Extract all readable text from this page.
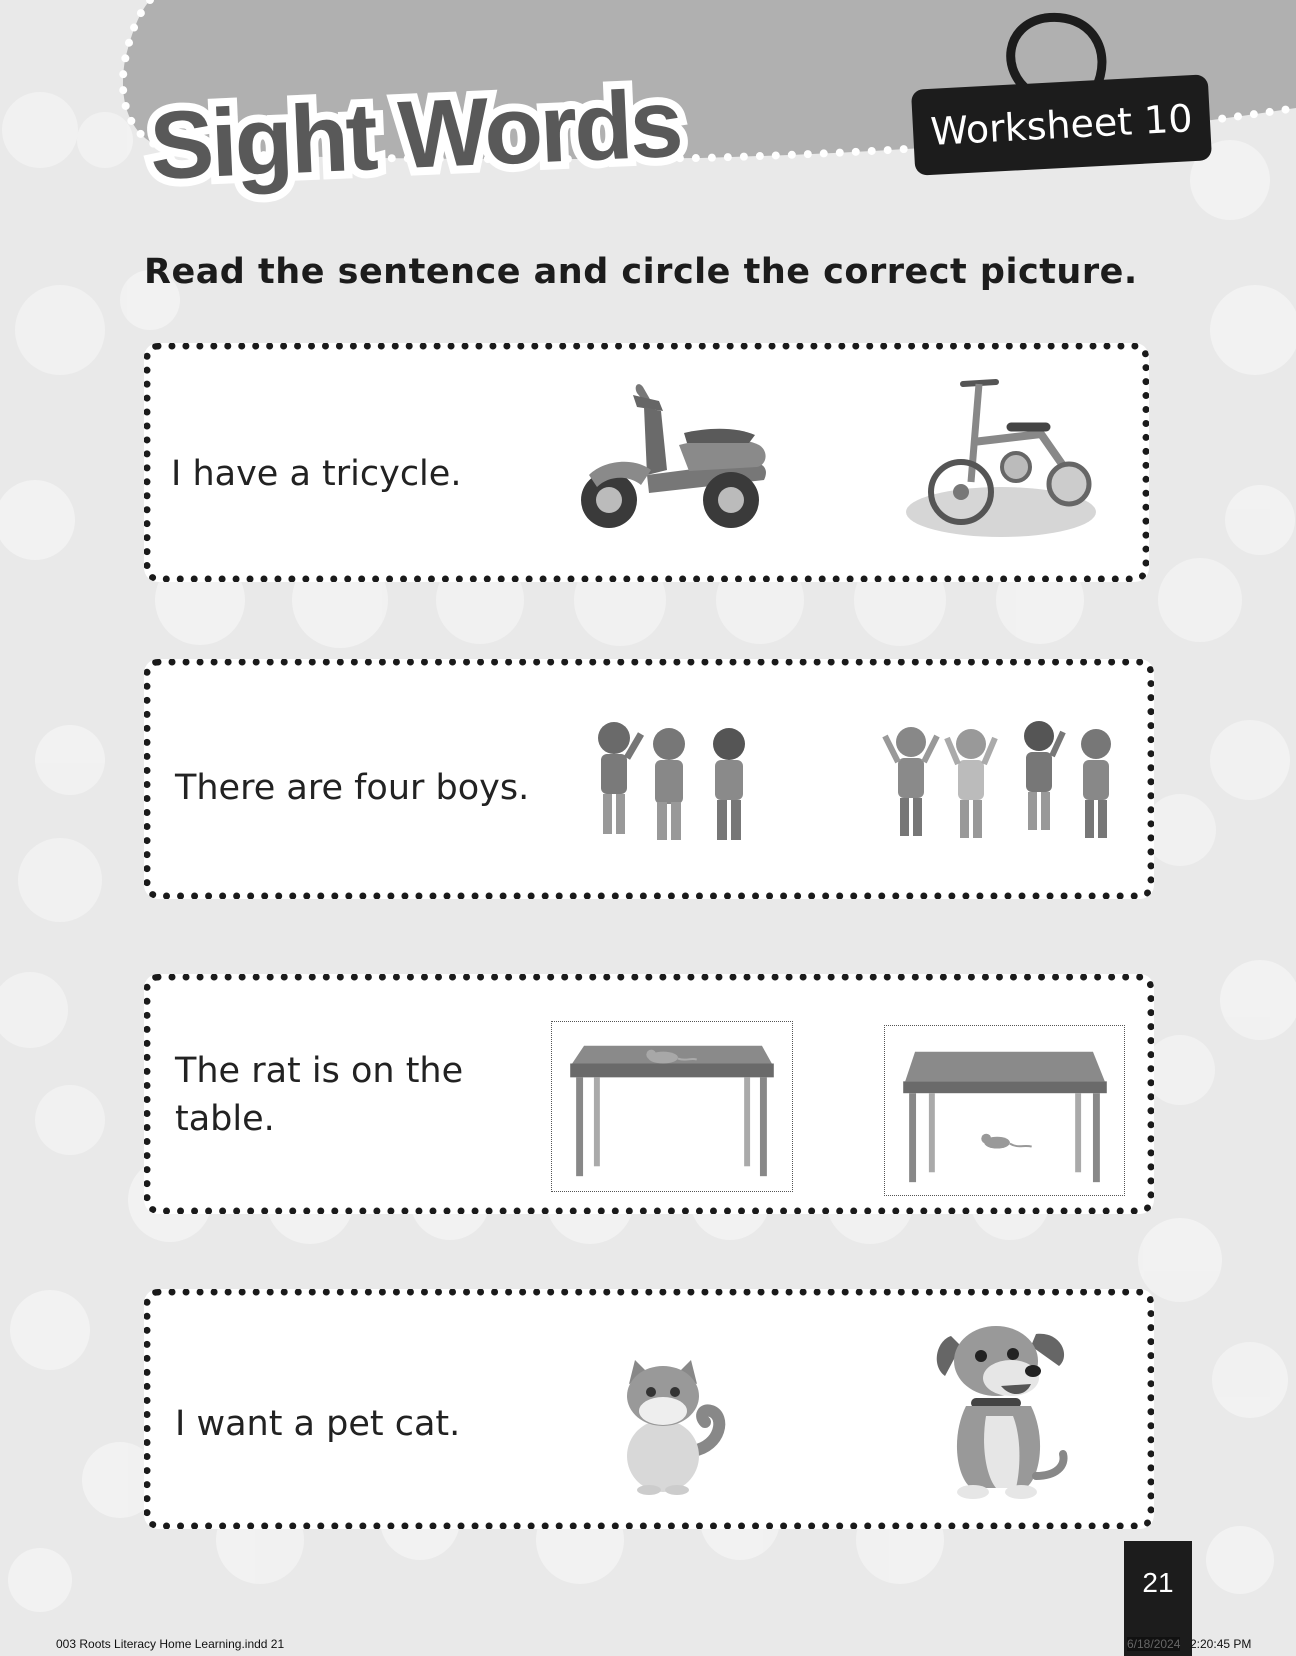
Sight Words	Worksheet 10
Read the sentence and circle the correct picture.
I have a tricycle.
There are four boys.
The rat is on the
table.
I want a pet cat.
21
003 Roots Literacy Home Learning.indd 21	6/18/2024 2:20:45 PM
